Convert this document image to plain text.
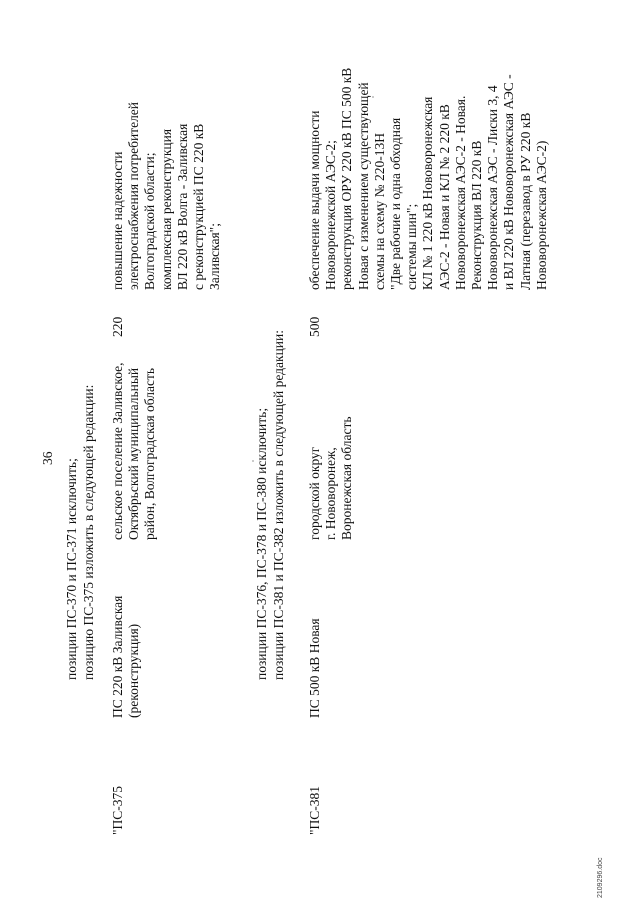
36 позиции ПС-370 и ПС-371 исключить; позицию ПС-375 изложить в следующей редакции:
"ПС-375
ПС 220 кВ Заливская
(реконструкция)
сельское поселение Заливское,
Октябрьский муниципальный
район, Волгоградская область
220
повышение надежности
электроснабжения потребителей
Волгоградской области;
комплексная реконструкция
ВЛ 220 кВ Волга - Заливская
с реконструкцией ПС 220 кВ
Заливская";
позиции ПС-376, ПС-378 и ПС-380 исключить; позиции ПС-381 и ПС-382 изложить в следующей редакции:
"ПС-381
ПС 500 кВ Новая
городской округ
г. Нововоронеж,
Воронежская область
500
обеспечение выдачи мощности
Нововоронежской АЭС-2;
реконструкция ОРУ 220 кВ ПС 500 кВ
Новая с изменением существующей
схемы на схему № 220-13Н
"Две рабочие и одна обходная
системы шин";
КЛ № 1 220 кВ Нововоронежская
АЭС-2 - Новая и КЛ № 2 220 кВ
Нововоронежская АЭС-2 - Новая.
Реконструкция ВЛ 220 кВ
Нововоронежская АЭС - Лиски 3, 4
и ВЛ 220 кВ Нововоронежская АЭС -
Латная (перезавод в РУ 220 кВ
Нововоронежская АЭС-2)
2109296.doc
